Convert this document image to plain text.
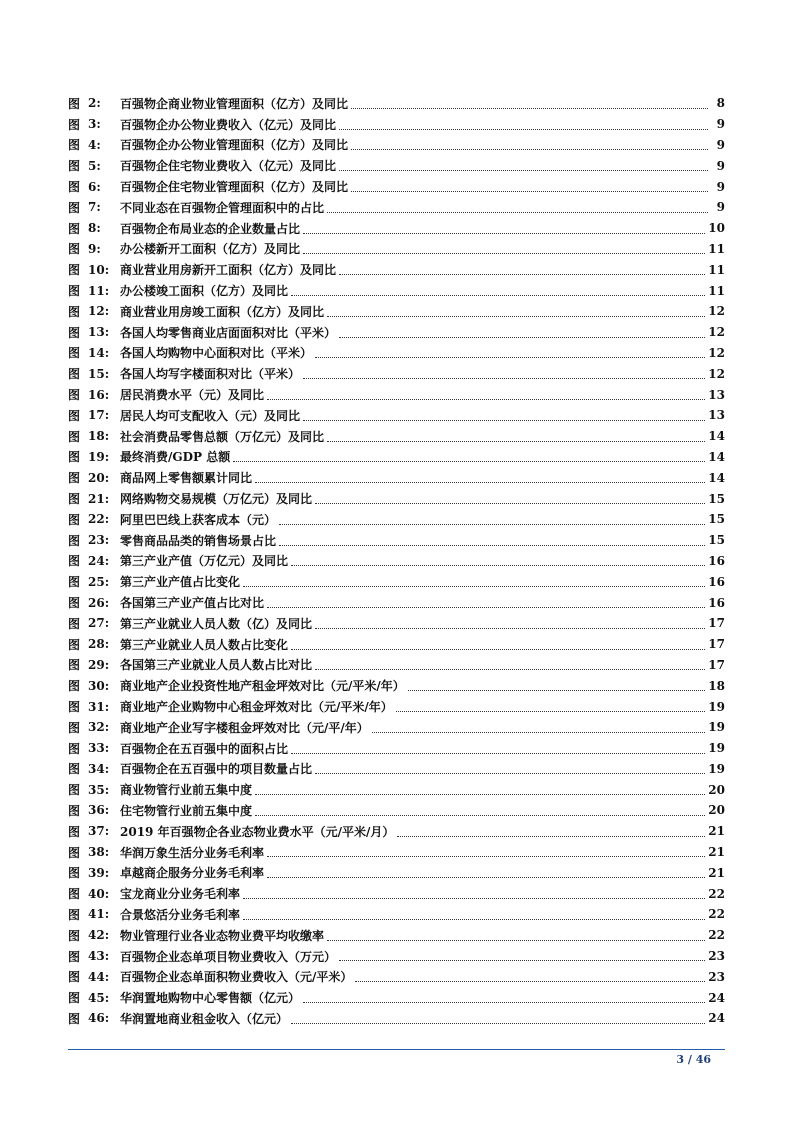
图 2:	百强物企商业物业管理面积（亿方）及同比	8
图 3:	百强物企办公物业费收入（亿元）及同比	9
图 4:	百强物企办公物业管理面积（亿方）及同比	9
图 5:	百强物企住宅物业费收入（亿元）及同比	9
图 6:	百强物企住宅物业管理面积（亿方）及同比	9
图 7:	不同业态在百强物企管理面积中的占比	9
图 8:	百强物企布局业态的企业数量占比	10
图 9:	办公楼新开工面积（亿方）及同比	11
图 10: 商业营业用房新开工面积（亿方）及同比	11
图 11: 办公楼竣工面积（亿方）及同比	11
图 12: 商业营业用房竣工面积（亿方）及同比	12
图 13: 各国人均零售商业店面面积对比（平米）	12
图 14: 各国人均购物中心面积对比（平米）	12
图 15: 各国人均写字楼面积对比（平米）	12
图 16: 居民消费水平（元）及同比	13
图 17: 居民人均可支配收入（元）及同比	13
图 18: 社会消费品零售总额（万亿元）及同比	14
图 19: 最终消费/GDP 总额	14
图 20: 商品网上零售额累计同比	14
图 21: 网络购物交易规模（万亿元）及同比	15
图 22: 阿里巴巴线上获客成本（元）	15
图 23: 零售商品品类的销售场景占比	15
图 24: 第三产业产值（万亿元）及同比	16
图 25: 第三产业产值占比变化	16
图 26: 各国第三产业产值占比对比	16
图 27: 第三产业就业人员人数（亿）及同比	17
图 28: 第三产业就业人员人数占比变化	17
图 29: 各国第三产业就业人员人数占比对比	17
图 30: 商业地产企业投资性地产租金坪效对比（元/平米/年）	18
图 31: 商业地产企业购物中心租金坪效对比（元/平米/年）	19
图 32: 商业地产企业写字楼租金坪效对比（元/平/年）	19
图 33: 百强物企在五百强中的面积占比	19
图 34: 百强物企在五百强中的项目数量占比	19
图 35: 商业物管行业前五集中度	20
图 36: 住宅物管行业前五集中度	20
图 37: 2019 年百强物企各业态物业费水平（元/平米/月）	21
图 38: 华润万象生活分业务毛利率	21
图 39: 卓越商企服务分业务毛利率	21
图 40: 宝龙商业分业务毛利率	22
图 41: 合景悠活分业务毛利率	22
图 42: 物业管理行业各业态物业费平均收缴率	22
图 43: 百强物企业态单项目物业费收入（万元）	23
图 44: 百强物企业态单面积物业费收入（元/平米）	23
图 45: 华润置地购物中心零售额（亿元）	24
图 46: 华润置地商业租金收入（亿元）	24
3 / 46
